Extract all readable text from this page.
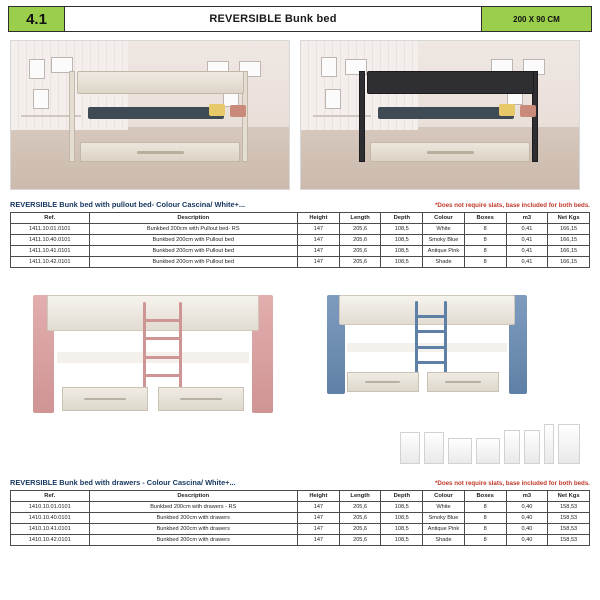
4.1	REVERSIBLE Bunk bed	200 X 90 CM
REVERSIBLE Bunk bed with pullout bed- Colour Cascina/ White+...	*Does not require slats, base included for both beds.
Ref.	Description	Height	Length	Depth	Colour	Boxes	m3	Net Kgs
1411.10.01.0101	Bunkbed 200cm with Pullout bed- RS	147	205,6	108,5	White	8	0,41	166,15
1411.10.40.0101	Bunkbed 200cm with Pullout bed	147	205,6	108,5	Smoky Blue	8	0,41	166,15
1411.10.41.0101	Bunkbed 200cm with Pullout bed	147	205,6	108,5	Antique Pink	8	0,41	166,15
1411.10.42.0101	Bunkbed 200cm with Pullout bed	147	205,6	108,5	Shade	8	0,41	166,15
REVERSIBLE Bunk bed with drawers - Colour Cascina/ White+...	*Does not require slats, base included for both beds.
Ref.	Description	Height	Length	Depth	Colour	Boxes	m3	Net Kgs
1410.10.01.0101	Bunkbed 200cm with drawers - RS	147	205,6	108,5	White	8	0,40	158,53
1410.10.40.0101	Bunkbed 200cm with drawers	147	205,6	108,5	Smoky Blue	8	0,40	158,53
1410.10.41.0101	Bunkbed 200cm with drawers	147	205,6	108,5	Antique Pink	8	0,40	158,53
1410.10.42.0101	Bunkbed 200cm with drawers	147	205,6	108,5	Shade	8	0,40	158,53
